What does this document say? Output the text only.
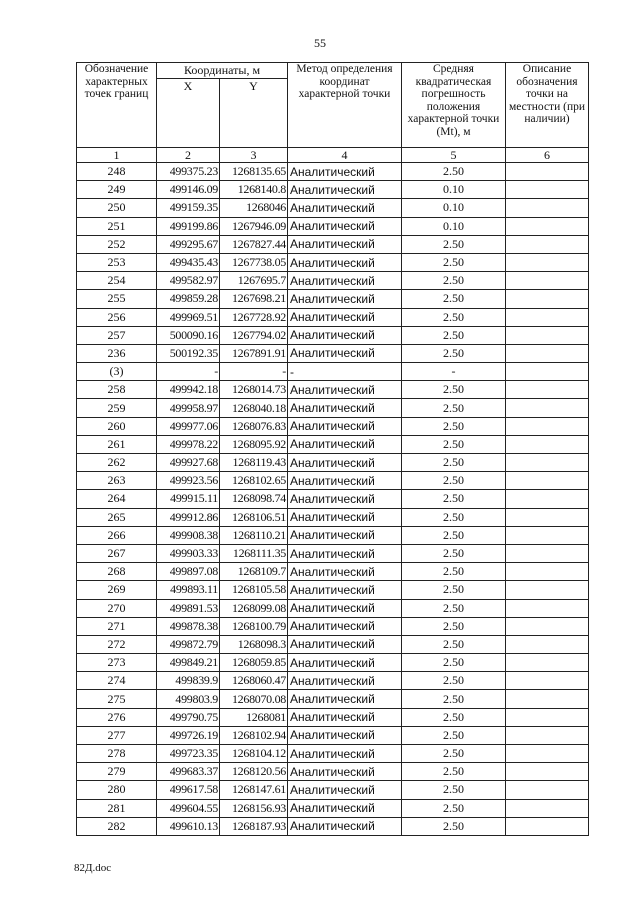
55
Обозначение характерных точек границ	Координаты, м		Метод определения координат характерной точки	Средняя квадратическая погрешность положения характерной точки (Mt), м	Описание обозначения точки на местности (при наличии)
	X	Y			
1	2	3	4	5	6
248	499375.23	1268135.65	Аналитический	2.50	
249	499146.09	1268140.8	Аналитический	0.10	
250	499159.35	1268046	Аналитический	0.10	
251	499199.86	1267946.09	Аналитический	0.10	
252	499295.67	1267827.44	Аналитический	2.50	
253	499435.43	1267738.05	Аналитический	2.50	
254	499582.97	1267695.7	Аналитический	2.50	
255	499859.28	1267698.21	Аналитический	2.50	
256	499969.51	1267728.92	Аналитический	2.50	
257	500090.16	1267794.02	Аналитический	2.50	
236	500192.35	1267891.91	Аналитический	2.50	
(3)	-	-	-	-	
258	499942.18	1268014.73	Аналитический	2.50	
259	499958.97	1268040.18	Аналитический	2.50	
260	499977.06	1268076.83	Аналитический	2.50	
261	499978.22	1268095.92	Аналитический	2.50	
262	499927.68	1268119.43	Аналитический	2.50	
263	499923.56	1268102.65	Аналитический	2.50	
264	499915.11	1268098.74	Аналитический	2.50	
265	499912.86	1268106.51	Аналитический	2.50	
266	499908.38	1268110.21	Аналитический	2.50	
267	499903.33	1268111.35	Аналитический	2.50	
268	499897.08	1268109.7	Аналитический	2.50	
269	499893.11	1268105.58	Аналитический	2.50	
270	499891.53	1268099.08	Аналитический	2.50	
271	499878.38	1268100.79	Аналитический	2.50	
272	499872.79	1268098.3	Аналитический	2.50	
273	499849.21	1268059.85	Аналитический	2.50	
274	499839.9	1268060.47	Аналитический	2.50	
275	499803.9	1268070.08	Аналитический	2.50	
276	499790.75	1268081	Аналитический	2.50	
277	499726.19	1268102.94	Аналитический	2.50	
278	499723.35	1268104.12	Аналитический	2.50	
279	499683.37	1268120.56	Аналитический	2.50	
280	499617.58	1268147.61	Аналитический	2.50	
281	499604.55	1268156.93	Аналитический	2.50	
282	499610.13	1268187.93	Аналитический	2.50	
82Д.doc
